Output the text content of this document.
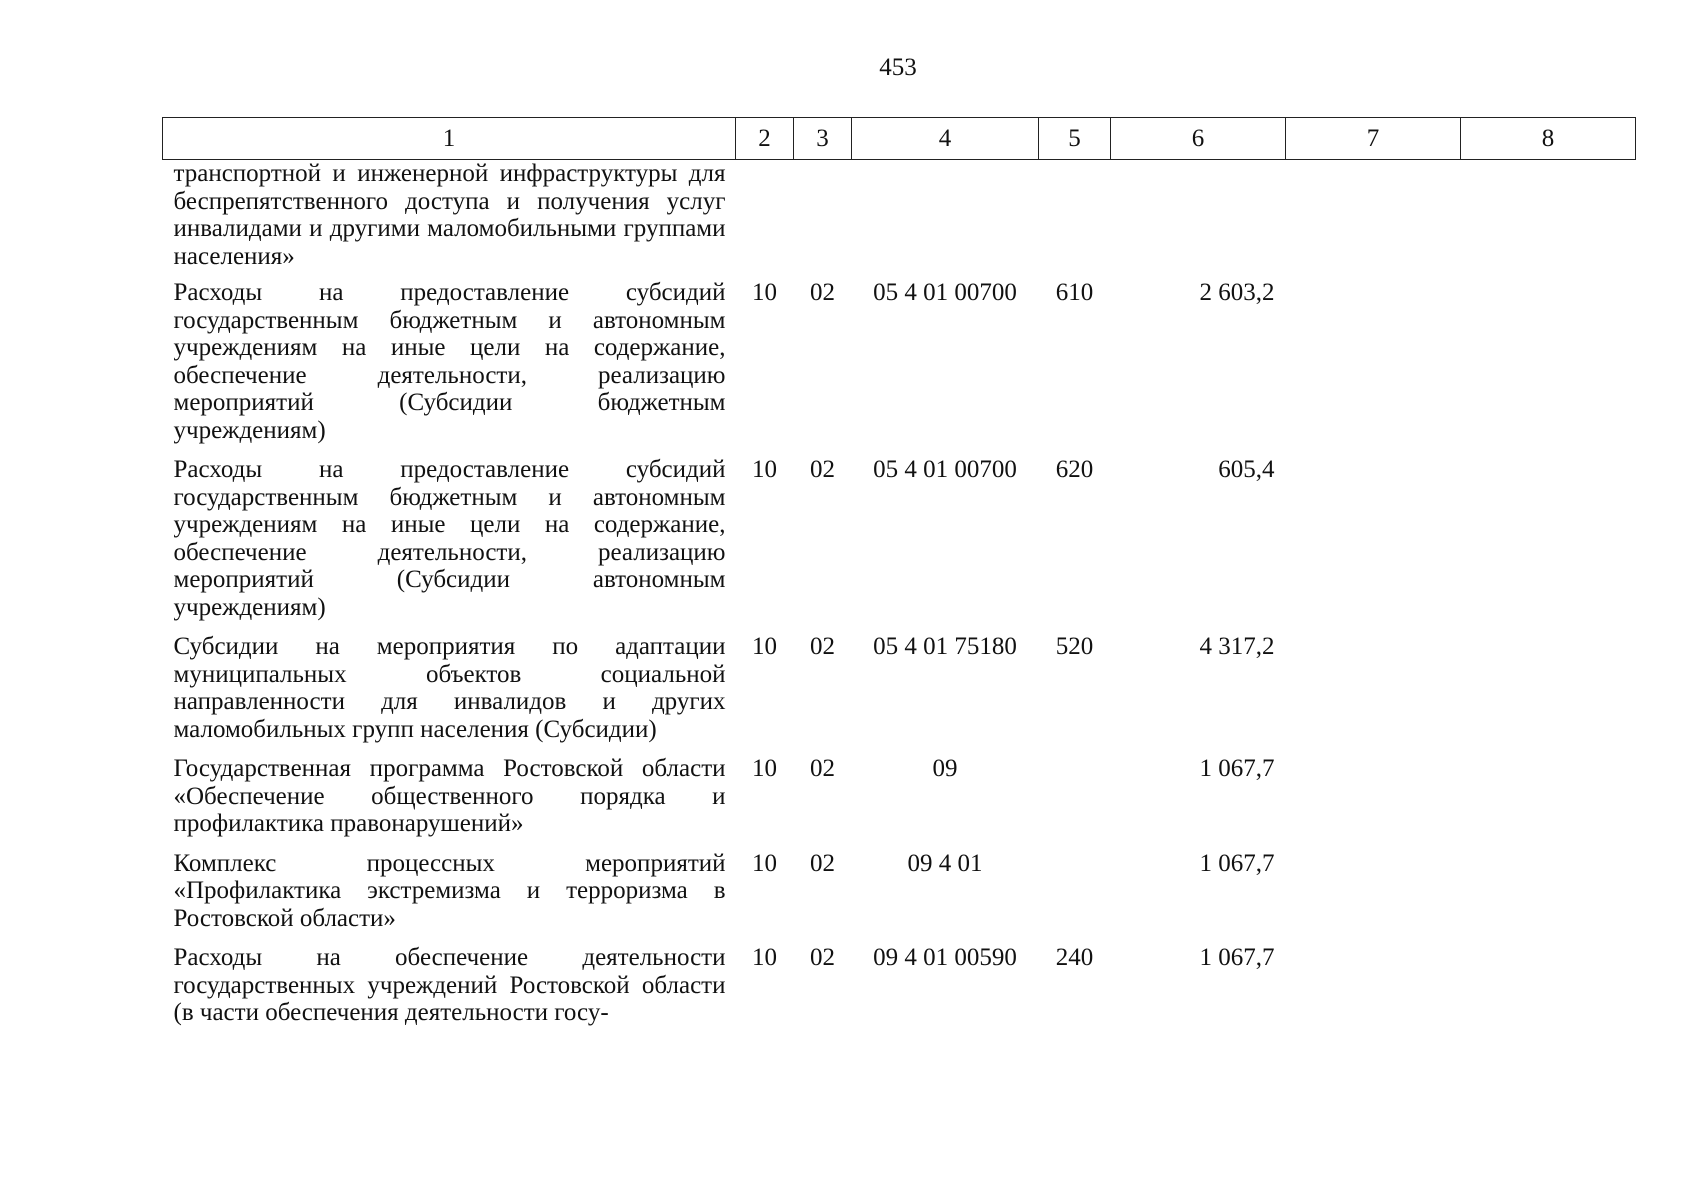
453
1	2	3	4	5	6	7	8
транспортной и инженерной инфраструктуры для беспрепятственного доступа и получения услуг инвалидами и другими маломобильными группами населения»							
Расходы на предоставление субсидий государственным бюджетным и автономным учреждениям на иные цели на содержание, обеспечение деятельности, реализацию мероприятий (Субсидии бюджетным учреждениям)	10	02	05 4 01 00700	610	2 603,2		
Расходы на предоставление субсидий государственным бюджетным и автономным учреждениям на иные цели на содержание, обеспечение деятельности, реализацию мероприятий (Субсидии автономным учреждениям)	10	02	05 4 01 00700	620	605,4		
Субсидии на мероприятия по адаптации муниципальных объектов социальной направленности для инвалидов и других маломобильных групп населения (Субсидии)	10	02	05 4 01 75180	520	4 317,2		
Государственная программа Ростовской области «Обеспечение общественного порядка и профилактика правонарушений»	10	02	09		1 067,7		
Комплекс процессных мероприятий «Профилактика экстремизма и терроризма в Ростовской области»	10	02	09 4 01		1 067,7		
Расходы на обеспечение деятельности государственных учреждений Ростовской области (в части обеспечения деятельности госу-	10	02	09 4 01 00590	240	1 067,7		
